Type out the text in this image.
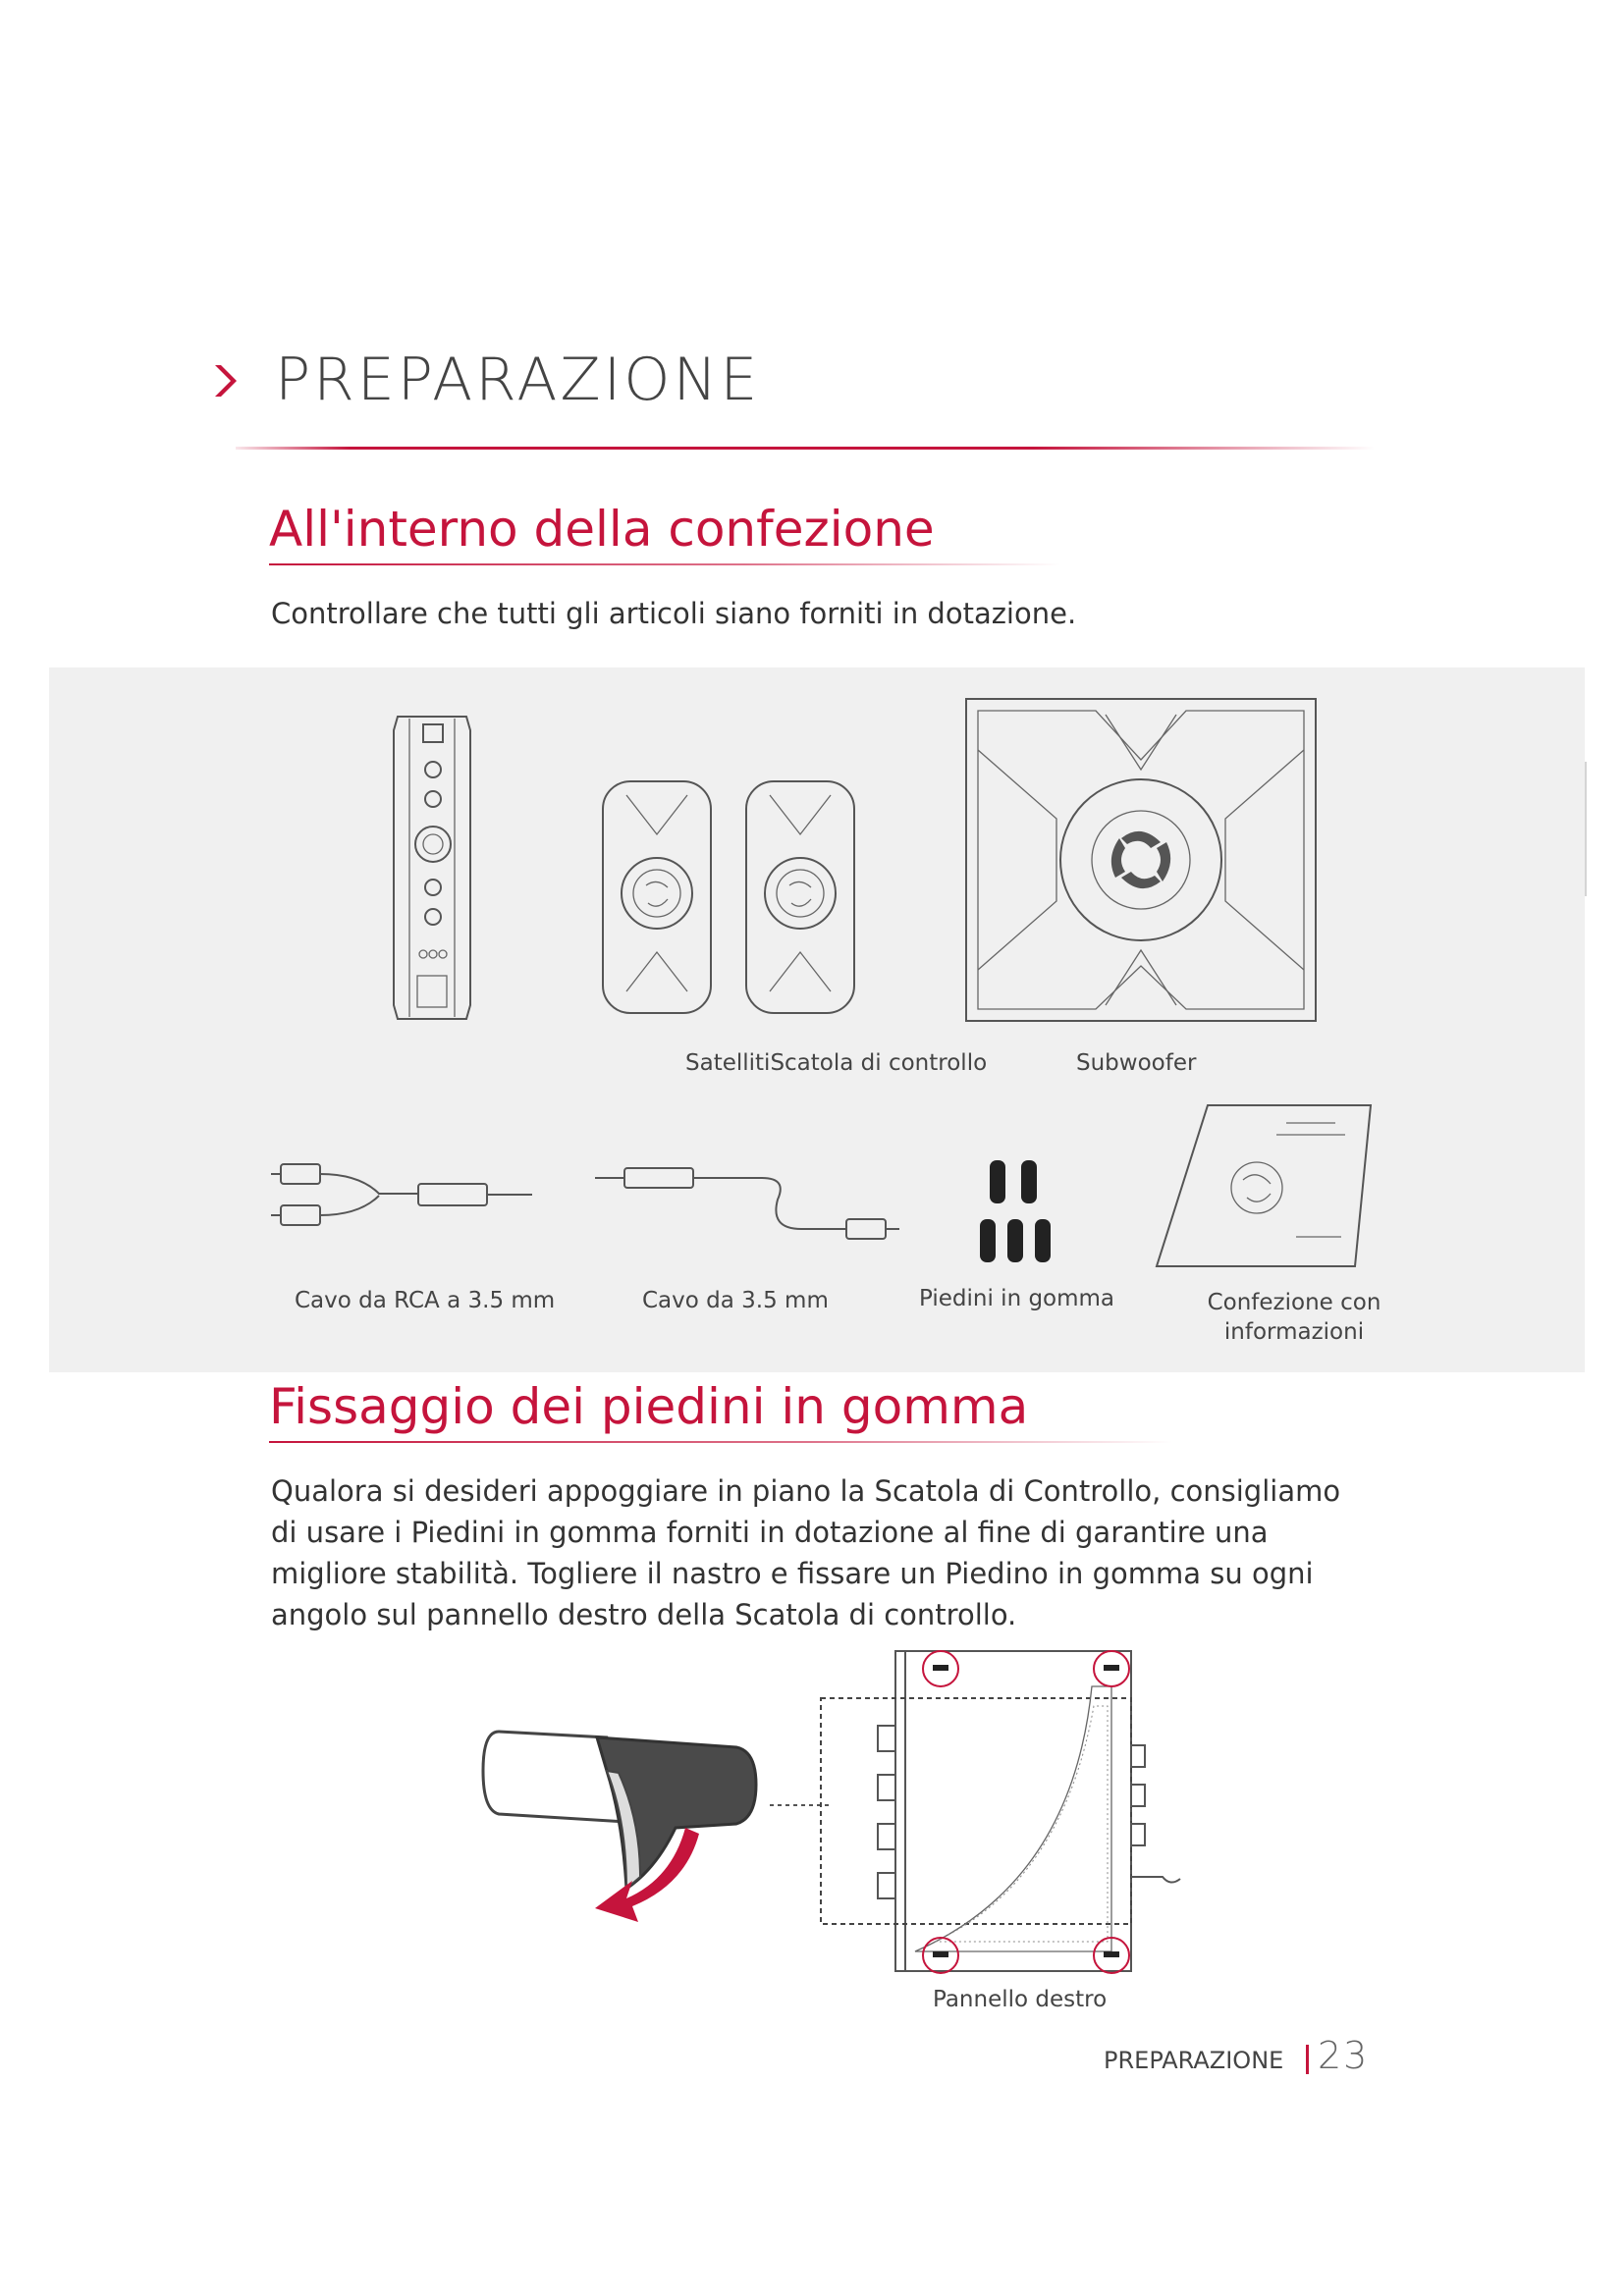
PREPARAZIONE
All'interno della confezione
Controllare che tutti gli articoli siano forniti in dotazione.
SatellitiScatola di controllo	Subwoofer
Cavo da RCA a 3.5 mm	Cavo da 3.5 mm	Piedini in gomma	Confezione con
informazioni
Fissaggio dei piedini in gomma
Qualora si desideri appoggiare in piano la Scatola di Controllo, consigliamo
di usare i Piedini in gomma forniti in dotazione al fine di garantire una
migliore stabilità. Togliere il nastro e fissare un Piedino in gomma su ogni
angolo sul pannello destro della Scatola di controllo.
Pannello destro
PREPARAZIONE 23
